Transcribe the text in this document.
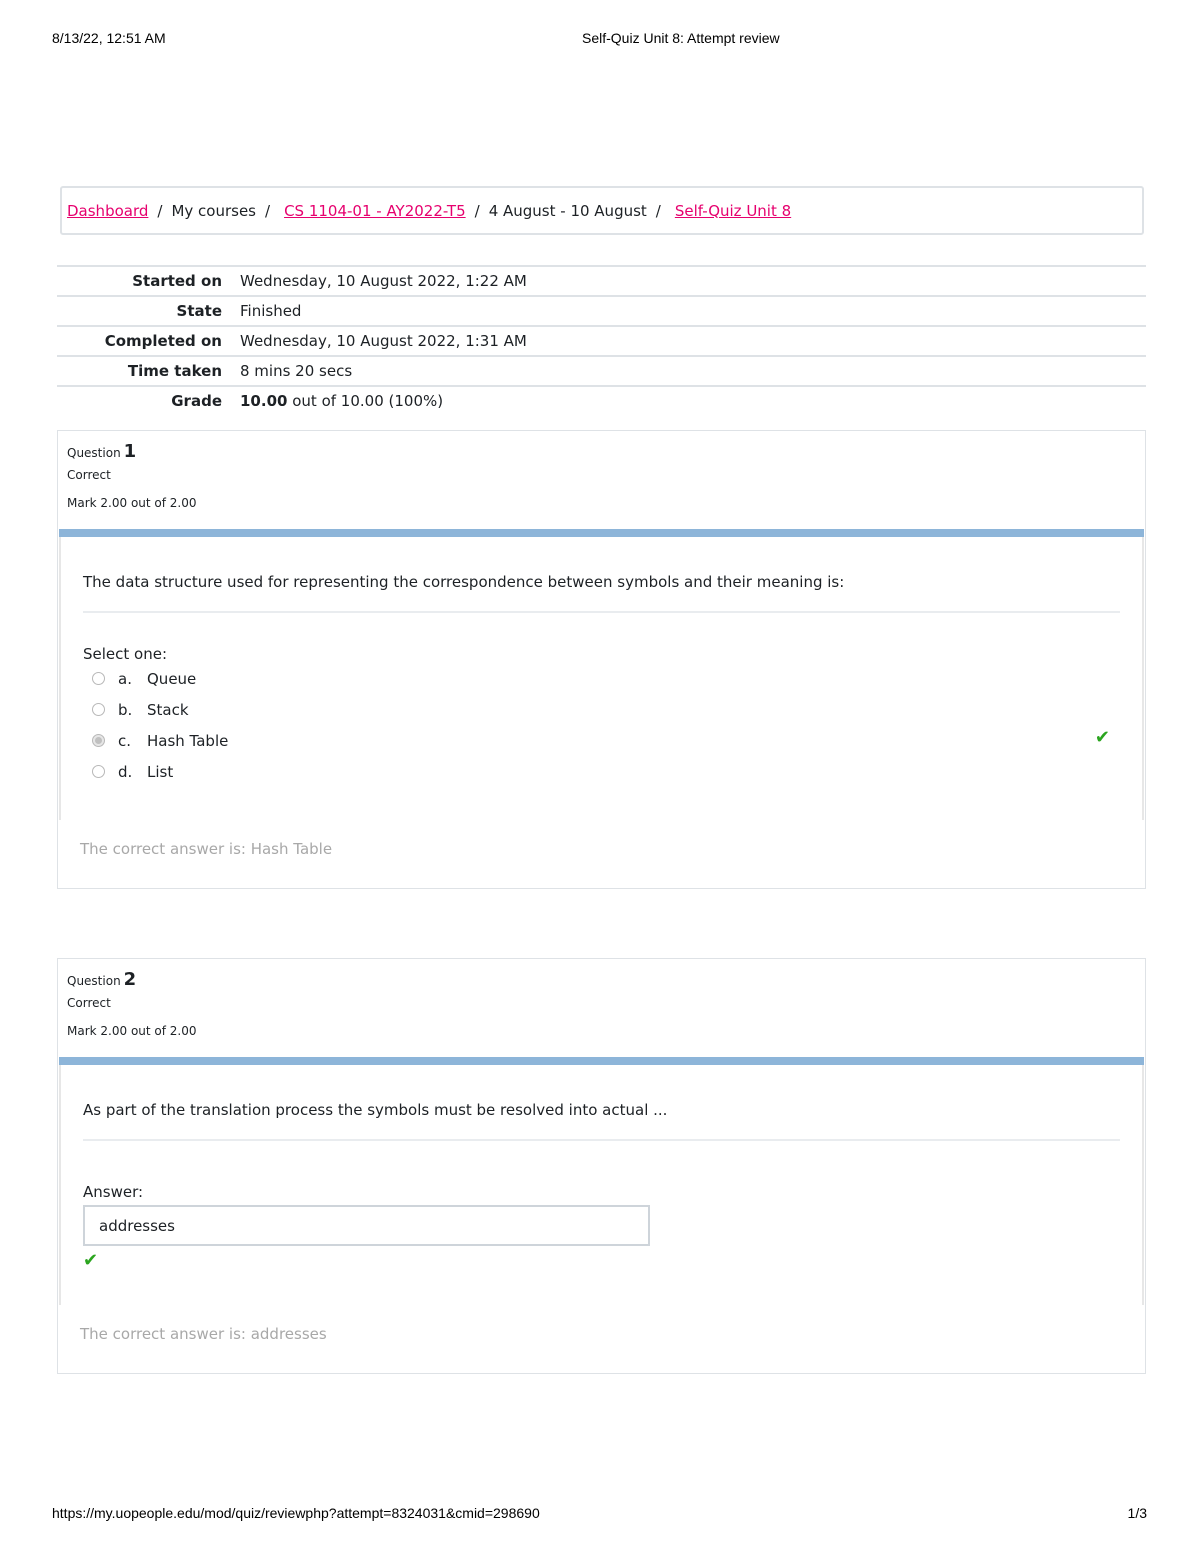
8/13/22, 12:51 AM	Self-Quiz Unit 8: Attempt review
Dashboard / My courses / CS 1104-01 - AY2022-T5 / 4 August - 10 August / Self-Quiz Unit 8
Started on	Wednesday, 10 August 2022, 1:22 AM
State	Finished
Completed on	Wednesday, 10 August 2022, 1:31 AM
Time taken	8 mins 20 secs
Grade	10.00 out of 10.00 (100%)
Question 1
Correct
Mark 2.00 out of 2.00
The data structure used for representing the correspondence between symbols and their meaning is:
Select one:
a.	Queue
b. Stack
c.	Hash Table	✔
d. List
The correct answer is: Hash Table
Question 2
Correct
Mark 2.00 out of 2.00
As part of the translation process the symbols must be resolved into actual ...
Answer:
addresses
✔
The correct answer is: addresses
https://my.uopeople.edu/mod/quiz/reviewphp?attempt=8324031&cmid=298690	1/3
